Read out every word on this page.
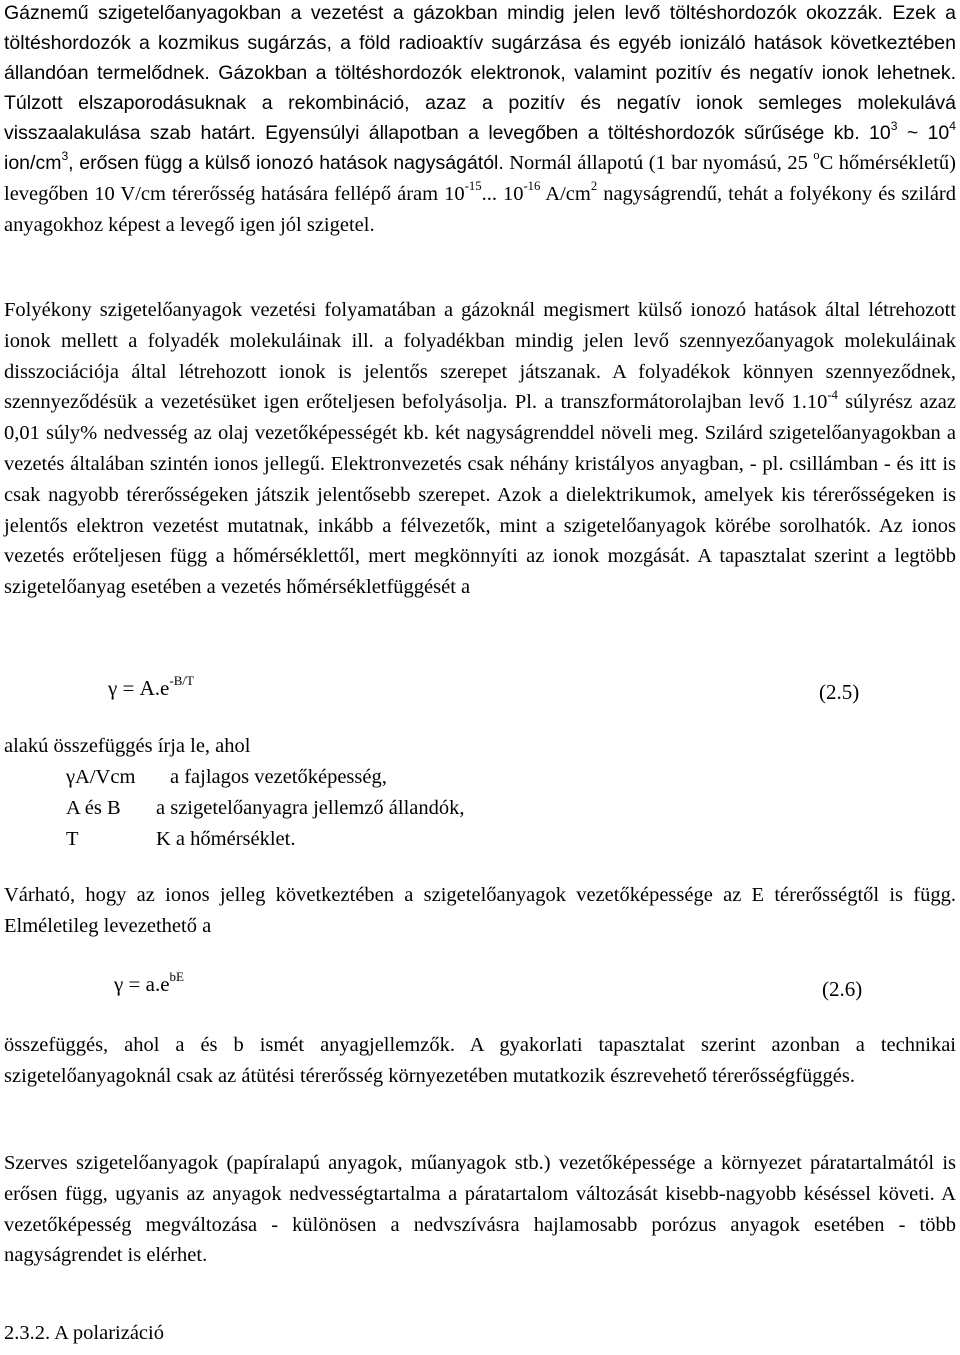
Gáznemű szigetelőanyagokban a vezetést a gázokban mindig jelen levő töltéshordozók okozzák. Ezek a töltéshordozók a kozmikus sugárzás, a föld radioaktív sugárzása és egyéb ionizáló hatások következtében állandóan termelődnek. Gázokban a töltéshordozók elektronok, valamint pozitív és negatív ionok lehetnek. Túlzott elszaporodásuknak a rekombináció, azaz a pozitív és negatív ionok semleges molekulává visszaalakulása szab határt. Egyensúlyi állapotban a levegőben a töltéshordozók sűrűsége kb. $10^3$ ~ $10^4$ ion/$cm^3$, erősen függ a külső ionozó hatások nagyságától. Normál állapotú (1 bar nyomású, 25 $^o$C hőmérsékletű) levegőben 10 V/cm térerősség hatására fellépő áram $10^{-15}$... $10^{-16}$ $A/cm^2$ nagyságrendű, tehát a folyékony és szilárd anyagokhoz képest a levegő igen jól szigetel.

Folyékony szigetelőanyagok vezetési folyamatában a gázoknál megismert külső ionozó hatások által létrehozott ionok mellett a folyadék molekuláinak ill. a folyadékban mindig jelen levő szennyezőanyagok molekuláinak disszociációja által létrehozott ionok is jelentős szerepet játszanak. A folyadékok könnyen szennyeződnek, szennyeződésük a vezetésüket igen erőteljesen befolyásolja. Pl. a transzformátorolajban levő $1.10^{-4}$ súlyrész azaz 0,01 súly% nedvesség az olaj vezetőképességét kb. két nagyságrenddel növeli meg. Szilárd szigetelőanyagokban a vezetés általában szintén ionos jellegű. Elektronvezetés csak néhány kristályos anyagban, - pl. csillámban - és itt is csak nagyobb térerősségeken játszik jelentősebb szerepet. Azok a dielektrikumok, amelyek kis térerősségeken is jelentős elektron vezetést mutatnak, inkább a félvezetők, mint a szigetelőanyagok körébe sorolhatók. Az ionos vezetés erőteljesen függ a hőmérséklettől, mert megkönnyíti az ionok mozgását. A tapasztalat szerint a legtöbb szigetelőanyag esetében a vezetés hőmérsékletfüggését a

$\gamma = A.e^{-B/T}$	(2.5)
alakú összefüggés írja le, ahol
γA/Vcm a fajlagos vezetőképesség,
A és B a szigetelőanyagra jellemző állandók,
T	K a hőmérséklet.

Várható, hogy az ionos jelleg következtében a szigetelőanyagok vezetőképessége az E térerősségtől is függ. Elméletileg levezethető a

$\gamma = a.e^{bE}$
(2.6)

összefüggés, ahol a és b ismét anyagjellemzők. A gyakorlati tapasztalat szerint azonban a technikai szigetelőanyagoknál csak az átütési térerősség környezetében mutatkozik észrevehető térerősségfüggés.

Szerves szigetelőanyagok (papíralapú anyagok, műanyagok stb.) vezetőképessége a környezet páratartalmától is erősen függ, ugyanis az anyagok nedvességtartalma a páratartalom változását kisebb-nagyobb késéssel követi. A vezetőképesség megváltozása - különösen a nedvszívásra hajlamosabb porózus anyagok esetében - több nagyságrendet is elérhet.

2.3.2. A polarizáció
